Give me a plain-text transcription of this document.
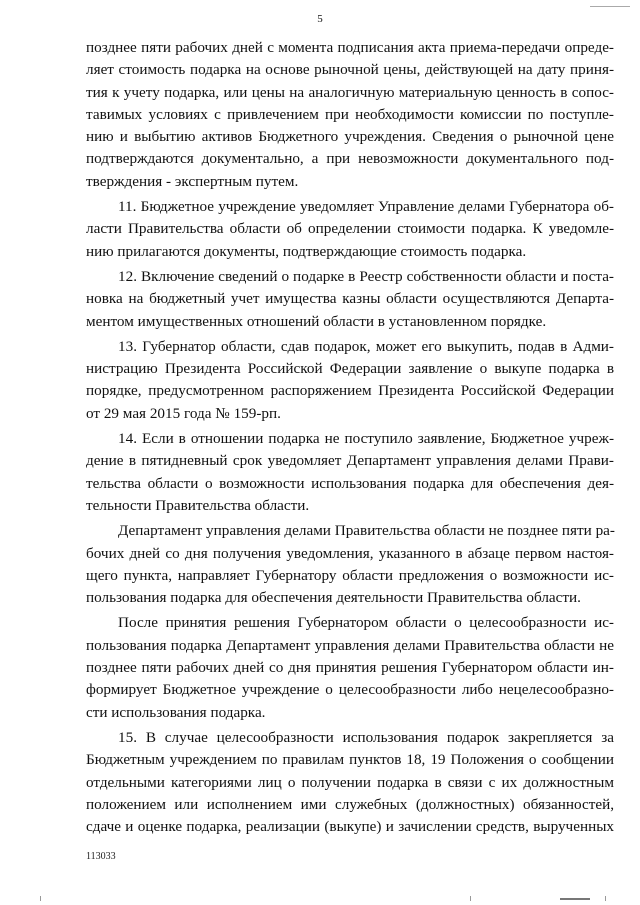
5

позднее пяти рабочих дней с момента подписания акта приема-передачи опреде-
ляет стоимость подарка на основе рыночной цены, действующей на дату приня-
тия к учету подарка, или цены на аналогичную материальную ценность в сопос-
тавимых условиях с привлечением при необходимости комиссии по поступле-
нию и выбытию активов Бюджетного учреждения. Сведения о рыночной цене
подтверждаются документально, а при невозможности документального под-
тверждения - экспертным путем.

11. Бюджетное учреждение уведомляет Управление делами Губернатора об-
ласти Правительства области об определении стоимости подарка. К уведомле-
нию прилагаются документы, подтверждающие стоимость подарка.

12. Включение сведений о подарке в Реестр собственности области и поста-
новка на бюджетный учет имущества казны области осуществляются Департа-
ментом имущественных отношений области в установленном порядке.

13. Губернатор области, сдав подарок, может его выкупить, подав в Адми-
нистрацию Президента Российской Федерации заявление о выкупе подарка в
порядке, предусмотренном распоряжением Президента Российской Федерации
от 29 мая 2015 года № 159-рп.

14. Если в отношении подарка не поступило заявление, Бюджетное учреж-
дение в пятидневный срок уведомляет Департамент управления делами Прави-
тельства области о возможности использования подарка для обеспечения дея-
тельности Правительства области.

Департамент управления делами Правительства области не позднее пяти ра-
бочих дней со дня получения уведомления, указанного в абзаце первом настоя-
щего пункта, направляет Губернатору области предложения о возможности ис-
пользования подарка для обеспечения деятельности Правительства области.

После принятия решения Губернатором области о целесообразности ис-
пользования подарка Департамент управления делами Правительства области не
позднее пяти рабочих дней со дня принятия решения Губернатором области ин-
формирует Бюджетное учреждение о целесообразности либо нецелесообразно-
сти использования подарка.

15. В случае целесообразности использования подарок закрепляется за
Бюджетным учреждением по правилам пунктов 18, 19 Положения о сообщении
отдельными категориями лиц о получении подарка в связи с их должностным
положением или исполнением ими служебных (должностных) обязанностей,
сдаче и оценке подарка, реализации (выкупе) и зачислении средств, вырученных

113033
